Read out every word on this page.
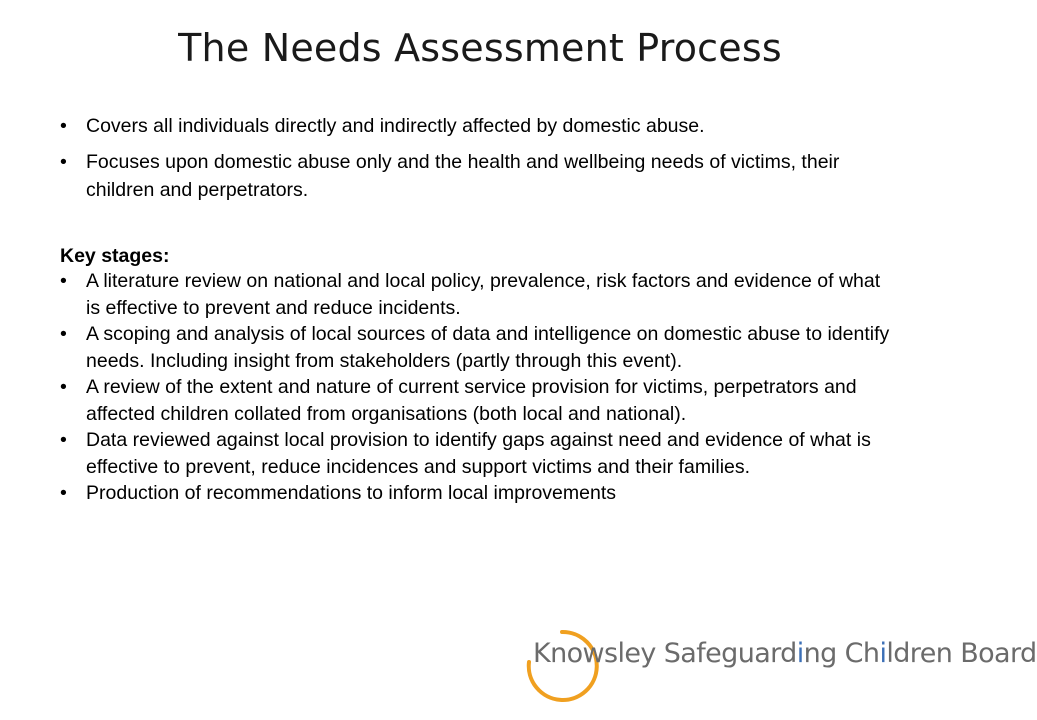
The Needs Assessment Process
• Covers all individuals directly and indirectly affected by domestic abuse.
• Focuses upon domestic abuse only and the health and wellbeing needs of victims, their children and perpetrators.
Key stages:
• A literature review on national and local policy, prevalence, risk factors and evidence of what is effective to prevent and reduce incidents.
• A scoping and analysis of local sources of data and intelligence on domestic abuse to identify needs. Including insight from stakeholders (partly through this event).
• A review of the extent and nature of current service provision for victims, perpetrators and affected children collated from organisations (both local and national).
• Data reviewed against local provision to identify gaps against need and evidence of what is effective to prevent, reduce incidences and support victims and their families.
• Production of recommendations to inform local improvements
Knowsley Safeguarding Children Board
